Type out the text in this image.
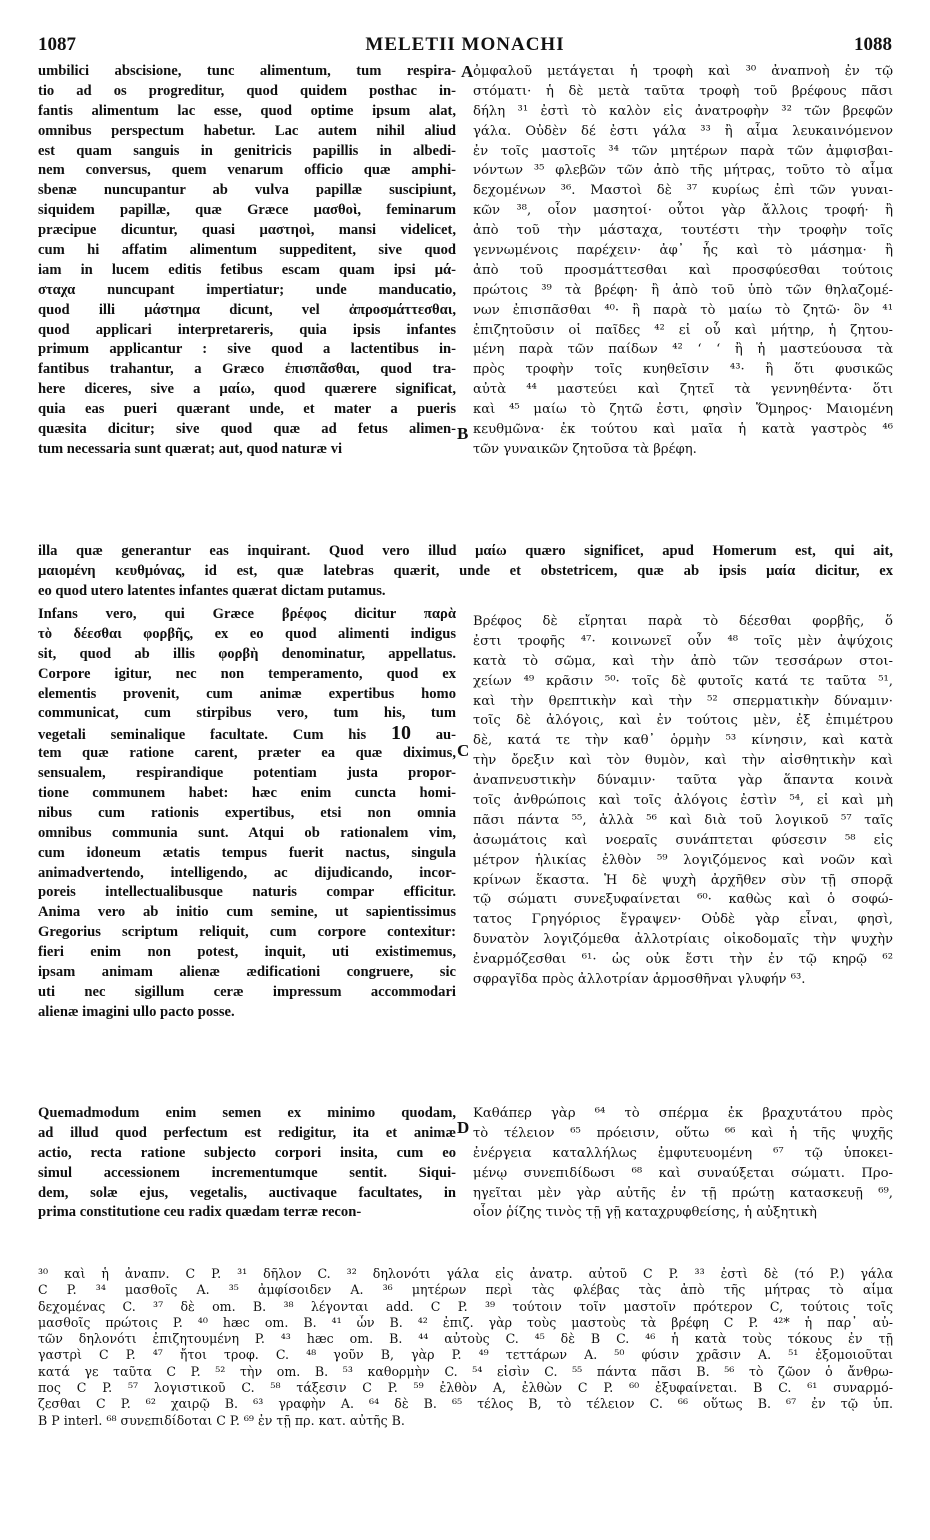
1087	MELETII MONACHI	1088
umbilici abscisione, tunc alimentum, tum respira-
tio ad os progreditur, quod quidem posthac in-
fantis alimentum lac esse, quod optime ipsum alat,
omnibus perspectum habetur. Lac autem nihil aliud
est quam sanguis in genitricis papillis in albedi-
nem conversus, quem venarum officio quæ amphi-
sbenæ nuncupantur ab vulva papillæ suscipiunt,
siquidem papillæ, quæ Græce μασθοὶ, feminarum
præcipue dicuntur, quasi μαστηοὶ, mansi videlicet,
cum hi affatim alimentum suppeditent, sive quod
iam in lucem editis fetibus escam quam ipsi μά-
σταχα nuncupant impertiatur; unde manducatio,
quod illi μάστημα dicunt, vel ἀπροσμάττεσθαι,
quod applicari interpretareris, quia ipsis infantes
primum applicantur : sive quod a lactentibus in-
fantibus trahantur, a Græco ἐπισπᾶσθαι, quod tra-
here diceres, sive a μαίω, quod quærere significat,
quia eas pueri quærant unde, et mater a pueris
quæsita dicitur; sive quod quæ ad fetus alimen-
tum necessaria sunt quærat; aut, quod naturæ vi
ὀμφαλοῦ μετάγεται ἡ τροφὴ καὶ ³⁰ ἀναπνοὴ ἐν τῷ
στόματι· ἡ δὲ μετὰ ταῦτα τροφὴ τοῦ βρέφους πᾶσι
δήλη ³¹ ἐστὶ τὸ καλὸν εἰς ἀνατροφὴν ³² τῶν βρεφῶν
γάλα. Οὐδὲν δέ ἐστι γάλα ³³ ἢ αἷμα λευκαινόμενον
ἐν τοῖς μαστοῖς ³⁴ τῶν μητέρων παρὰ τῶν ἀμφισβαι-
νόντων ³⁵ φλεβῶν τῶν ἀπὸ τῆς μήτρας, τοῦτο τὸ αἷμα
δεχομένων ³⁶. Μαστοὶ δὲ ³⁷ κυρίως ἐπὶ τῶν γυναι-
κῶν ³⁸, οἷον μασητοί· οὗτοι γὰρ ἄλλοις τροφή· ἢ
ἀπὸ τοῦ τὴν μάσταχα, τουτέστι τὴν τροφὴν τοῖς
γεννωμένοις παρέχειν· ἀφ᾽ ἧς καὶ τὸ μάσημα· ἢ
ἀπὸ τοῦ προσμάττεσθαι καὶ προσφύεσθαι τούτοις
πρώτοις ³⁹ τὰ βρέφη· ἢ ἀπὸ τοῦ ὑπὸ τῶν θηλαζομέ-
νων ἐπισπᾶσθαι ⁴⁰· ἢ παρὰ τὸ μαίω τὸ ζητῶ· ὃν ⁴¹
ἐπιζητοῦσιν οἱ παῖδες ⁴² εἰ οὗ καὶ μήτηρ, ἡ ζητου-
μένη παρὰ τῶν παίδων ⁴² ‘ ‘ ἢ ἡ μαστεύουσα τὰ
πρὸς τροφὴν τοῖς κυηθεῖσιν ⁴³· ἢ ὅτι φυσικῶς
αὐτὰ ⁴⁴ μαστεύει καὶ ζητεῖ τὰ γεννηθέντα· ὅτι
καὶ ⁴⁵ μαίω τὸ ζητῶ ἐστι, φησὶν Ὅμηρος· Μαιομένη
κευθμῶνα· ἐκ τούτου καὶ μαῖα ἡ κατὰ γαστρὸς ⁴⁶
τῶν γυναικῶν ζητοῦσα τὰ βρέφη.
illa quæ generantur eas inquirant. Quod vero illud μαίω quæro significet, apud Homerum est, qui ait,
μαιομένη κευθμόνας, id est, quæ latebras quærit, unde et obstetricem, quæ ab ipsis μαία dicitur, ex
eo quod utero latentes infantes quærat dictam putamus.
Infans vero, qui Græce βρέφος dicitur παρὰ
τὸ δέεσθαι φορβῆς, ex eo quod alimenti indigus
sit, quod ab illis φορβὴ denominatur, appellatus.
Corpore igitur, nec non temperamento, quod ex
elementis provenit, cum animæ expertibus homo
communicat, cum stirpibus vero, tum his, tum
vegetali seminalique facultate. Cum his 10 au-
tem quæ ratione carent, præter ea quæ diximus,
sensualem, respirandique potentiam justa propor-
tione communem habet: hæc enim cuncta homi-
nibus cum rationis expertibus, etsi non omnia
omnibus communia sunt. Atqui ob rationalem vim,
cum idoneum ætatis tempus fuerit nactus, singula
animadvertendo, intelligendo, ac dijudicando, incor-
poreis intellectualibusque naturis compar efficitur.
Anima vero ab initio cum semine, ut sapientissimus
Gregorius scriptum reliquit, cum corpore contexitur:
fieri enim non potest, inquit, uti existimemus,
ipsam animam alienæ ædificationi congruere, sic
uti nec sigillum ceræ impressum accommodari
alienæ imagini ullo pacto posse.
Βρέφος δὲ εἴρηται παρὰ τὸ δέεσθαι φορβῆς, ὅ
ἐστι τροφῆς ⁴⁷· κοινωνεῖ οὖν ⁴⁸ τοῖς μὲν ἀψύχοις
κατὰ τὸ σῶμα, καὶ τὴν ἀπὸ τῶν τεσσάρων στοι-
χείων ⁴⁹ κρᾶσιν ⁵⁰· τοῖς δὲ φυτοῖς κατά τε ταῦτα ⁵¹,
καὶ τὴν θρεπτικὴν καὶ τὴν ⁵² σπερματικὴν δύναμιν·
τοῖς δὲ ἀλόγοις, καὶ ἐν τούτοις μὲν, ἐξ ἐπιμέτρου
δὲ, κατά τε τὴν καθ᾽ ὁρμὴν ⁵³ κίνησιν, καὶ κατὰ
τὴν ὄρεξιν καὶ τὸν θυμὸν, καὶ τὴν αἰσθητικὴν καὶ
ἀναπνευστικὴν δύναμιν· ταῦτα γὰρ ἅπαντα κοινὰ
τοῖς ἀνθρώποις καὶ τοῖς ἀλόγοις ἐστὶν ⁵⁴, εἰ καὶ μὴ
πᾶσι πάντα ⁵⁵, ἀλλὰ ⁵⁶ καὶ διὰ τοῦ λογικοῦ ⁵⁷ ταῖς
ἀσωμάτοις καὶ νοεραῖς συνάπτεται φύσεσιν ⁵⁸ εἰς
μέτρον ἡλικίας ἐλθὸν ⁵⁹ λογιζόμενος καὶ νοῶν καὶ
κρίνων ἕκαστα. Ἡ δὲ ψυχὴ ἀρχῆθεν σὺν τῇ σπορᾷ
τῷ σώματι συνεξυφαίνεται ⁶⁰· καθὼς καὶ ὁ σοφώ-
τατος Γρηγόριος ἔγραψεν· Οὐδὲ γὰρ εἶναι, φησὶ,
δυνατὸν λογιζόμεθα ἀλλοτρίαις οἰκοδομαῖς τὴν ψυχὴν
ἐναρμόζεσθαι ⁶¹· ὡς οὐκ ἔστι τὴν ἐν τῷ κηρῷ ⁶²
σφραγῖδα πρὸς ἀλλοτρίαν ἁρμοσθῆναι γλυφήν ⁶³.
Quemadmodum enim semen ex minimo quodam,
ad illud quod perfectum est redigitur, ita et animæ
actio, recta ratione subjecto corpori insita, cum eo
simul accessionem incrementumque sentit. Siqui-
dem, solæ ejus, vegetalis, auctivaque facultates, in
prima constitutione ceu radix quædam terræ recon-
Καθάπερ γὰρ ⁶⁴ τὸ σπέρμα ἐκ βραχυτάτου πρὸς
τὸ τέλειον ⁶⁵ πρόεισιν, οὕτω ⁶⁶ καὶ ἡ τῆς ψυχῆς
ἐνέργεια καταλλήλως ἐμφυτευομένη ⁶⁷ τῷ ὑποκει-
μένῳ συνεπιδίδωσι ⁶⁸ καὶ συναύξεται σώματι. Προ-
ηγεῖται μὲν γὰρ αὐτῆς ἐν τῇ πρώτῃ κατασκευῇ ⁶⁹,
οἷον ῥίζης τινὸς τῇ γῇ καταχρυφθείσης, ἡ αὐξητικὴ
A
B
C
D
³⁰ καὶ ἡ ἀναπν. C P. ³¹ δῆλον C. ³² δηλονότι γάλα εἰς ἀνατρ. αὐτοῦ C P. ³³ ἐστὶ δὲ (τό P.) γάλα
C P. ³⁴ μασθοῖς A. ³⁵ ἀμφίσοιδεν A. ³⁶ μητέρων περὶ τὰς φλέβας τὰς ἀπὸ τῆς μήτρας τὸ αἷμα
δεχομένας C. ³⁷ δὲ om. B. ³⁸ λέγονται add. C P. ³⁹ τούτοιν τοῖν μαστοῖν πρότερον C, τούτοις τοῖς
μασθοῖς πρώτοις P. ⁴⁰ hæc om. B. ⁴¹ ὧν B. ⁴² ἐπιζ. γὰρ τοὺς μαστοὺς τὰ βρέφη C P. ⁴²* ἡ παρ᾽ αὐ-
τῶν δηλονότι ἐπιζητουμένη P. ⁴³ hæc om. B. ⁴⁴ αὐτοὺς C. ⁴⁵ δὲ B C. ⁴⁶ ἡ κατὰ τοὺς τόκους ἐν τῇ
γαστρὶ C P. ⁴⁷ ἤτοι τροφ. C. ⁴⁸ γοῦν B, γὰρ P. ⁴⁹ τεττάρων A. ⁵⁰ φύσιν χρᾶσιν A. ⁵¹ ἐξομοιοῦται
κατά γε ταῦτα C P. ⁵² τὴν om. B. ⁵³ καθορμὴν C. ⁵⁴ εἰσὶν C. ⁵⁵ πάντα πᾶσι B. ⁵⁶ τὸ ζῶον ὁ ἄνθρω-
πος C P. ⁵⁷ λογιστικοῦ C. ⁵⁸ τάξεσιν C P. ⁵⁹ ἐλθὸν A, ἐλθὼν C P. ⁶⁰ ἐξυφαίνεται. B C. ⁶¹ συναρμό-
ζεσθαι C P. ⁶² χαιρῷ B. ⁶³ γραφὴν A. ⁶⁴ δὲ B. ⁶⁵ τέλος B, τὸ τέλειον C. ⁶⁶ οὕτως B. ⁶⁷ ἐν τῷ ὑπ.
B P interl. ⁶⁸ συνεπιδίδοται C P. ⁶⁹ ἐν τῇ πρ. κατ. αὐτῆς B.
